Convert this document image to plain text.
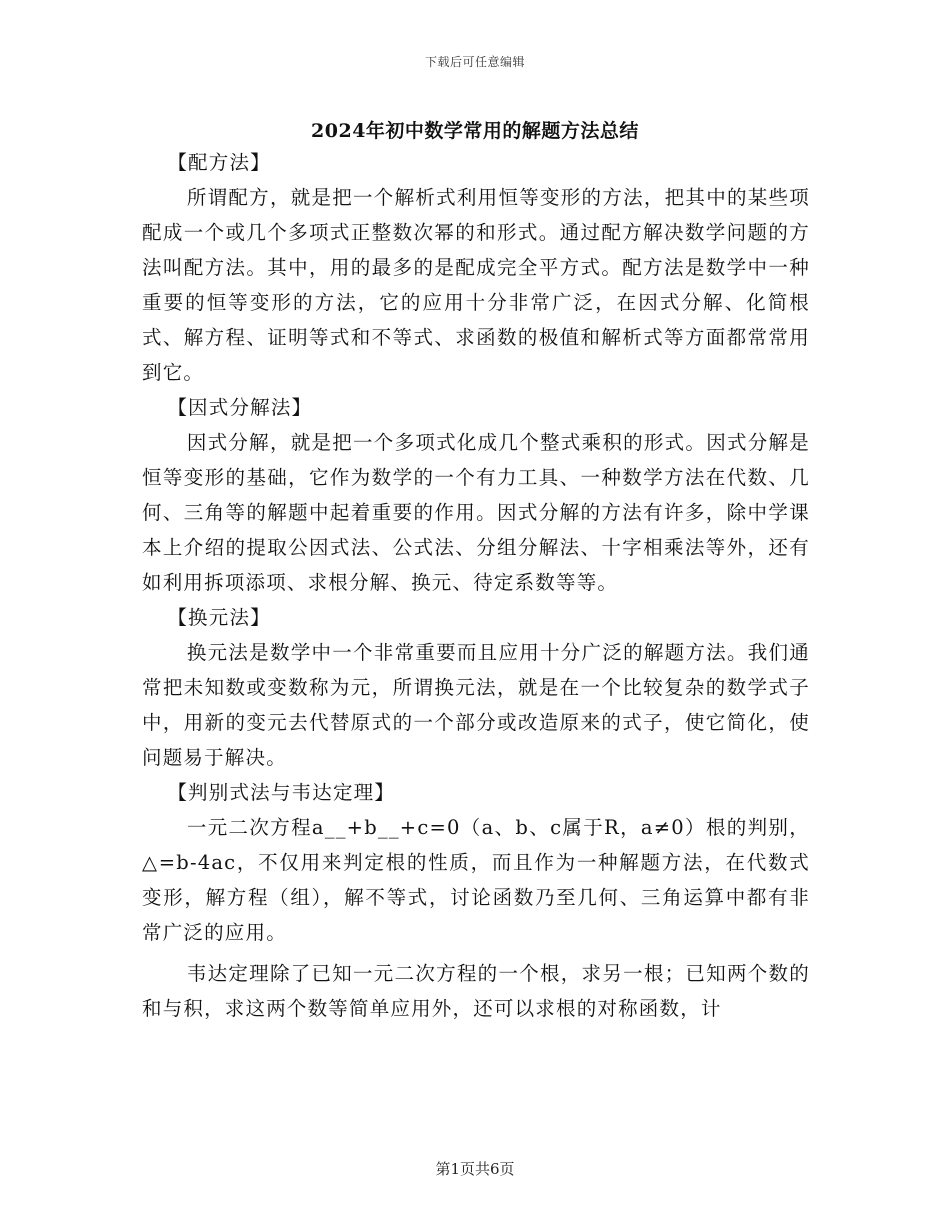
下载后可任意编辑
2024年初中数学常用的解题方法总结

【配方法】

所谓配方，就是把一个解析式利用恒等变形的方法，把其中的某些项配成一个或几个多项式正整数次幂的和形式。通过配方解决数学问题的方法叫配方法。其中，用的最多的是配成完全平方式。配方法是数学中一种重要的恒等变形的方法，它的应用十分非常广泛，在因式分解、化简根式、解方程、证明等式和不等式、求函数的极值和解析式等方面都常常用到它。

【因式分解法】

因式分解，就是把一个多项式化成几个整式乘积的形式。因式分解是恒等变形的基础，它作为数学的一个有力工具、一种数学方法在代数、几何、三角等的解题中起着重要的作用。因式分解的方法有许多，除中学课本上介绍的提取公因式法、公式法、分组分解法、十字相乘法等外，还有如利用拆项添项、求根分解、换元、待定系数等等。

【换元法】

换元法是数学中一个非常重要而且应用十分广泛的解题方法。我们通常把未知数或变数称为元，所谓换元法，就是在一个比较复杂的数学式子中，用新的变元去代替原式的一个部分或改造原来的式子，使它简化，使问题易于解决。

【判别式法与韦达定理】

一元二次方程a__+b__+c=0（a、b、c属于R，a≠0）根的判别，△=b-4ac，不仅用来判定根的性质，而且作为一种解题方法，在代数式变形，解方程（组），解不等式，讨论函数乃至几何、三角运算中都有非常广泛的应用。

韦达定理除了已知一元二次方程的一个根，求另一根；已知两个数的和与积，求这两个数等简单应用外，还可以求根的对称函数，计

第1页共6页
